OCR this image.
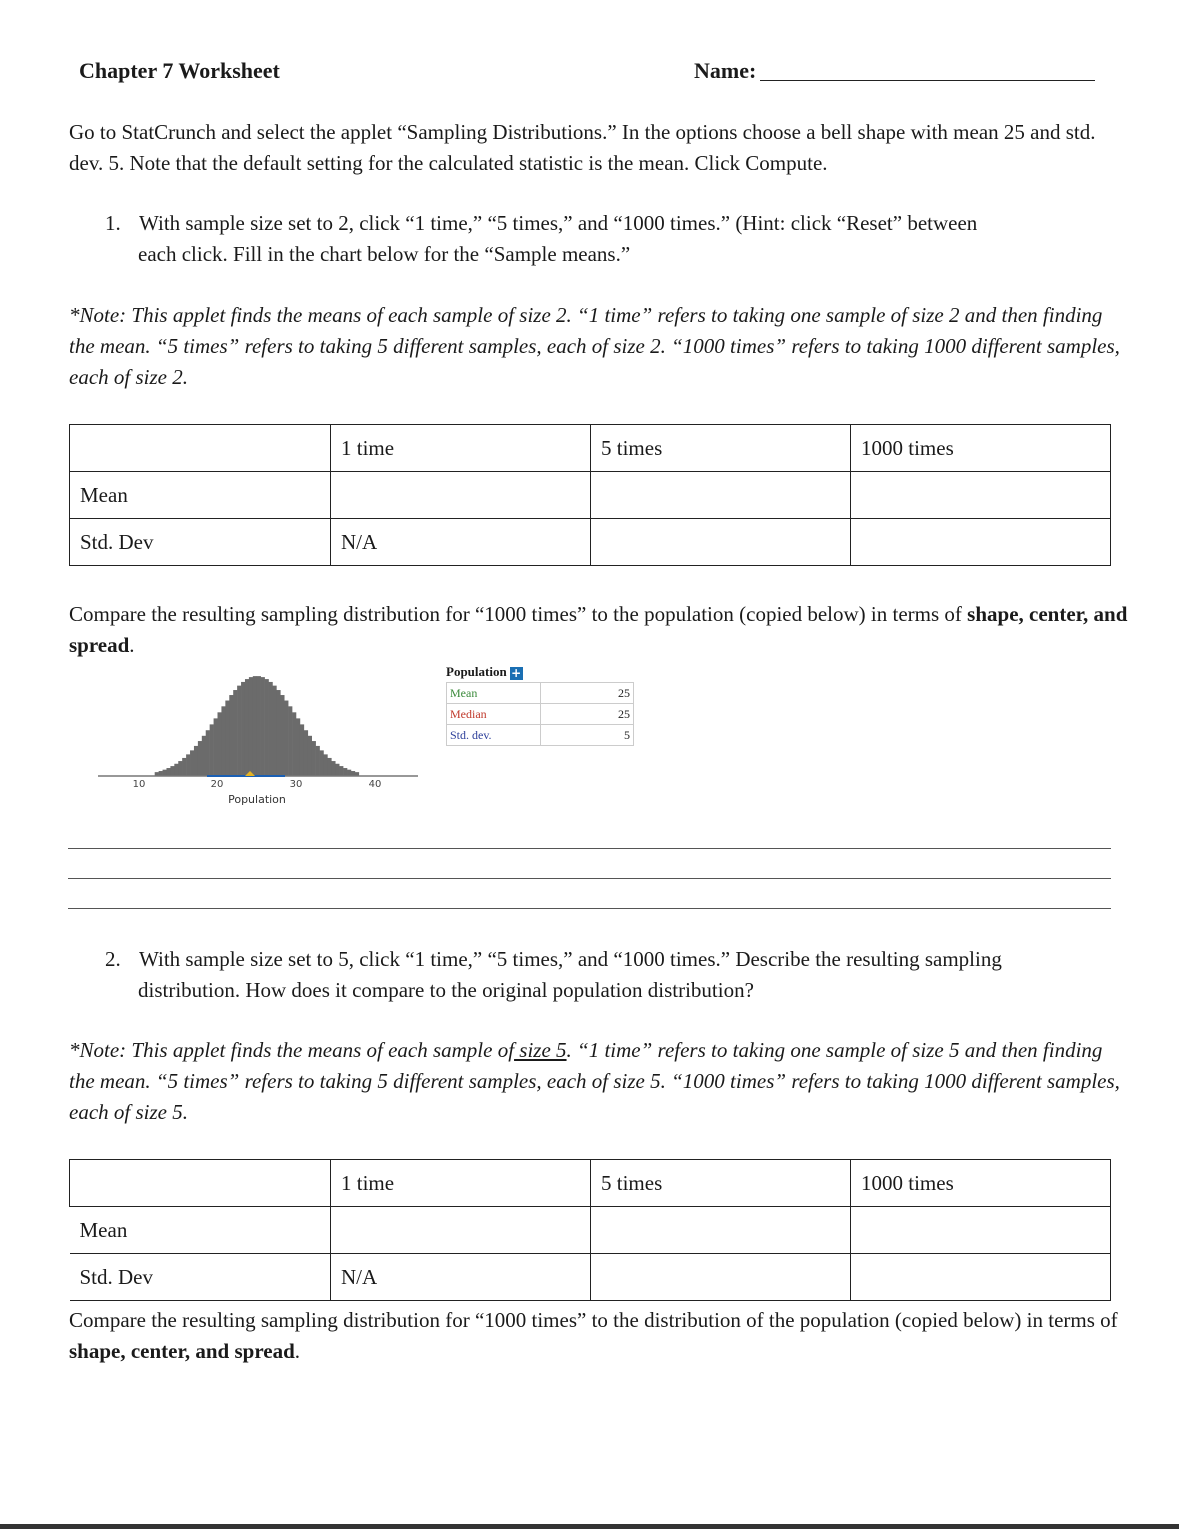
Chapter 7 Worksheet	Name:

Go to StatCrunch and select the applet “Sampling Distributions.” In the options choose a bell shape with mean 25 and std. dev. 5. Note that the default setting for the calculated statistic is the mean. Click Compute.

1. With sample size set to 2, click “1 time,” “5 times,” and “1000 times.” (Hint: click “Reset” between

each click. Fill in the chart below for the “Sample means.”

*Note: This applet finds the means of each sample of size 2. “1 time” refers to taking one sample of size 2 and then finding the mean. “5 times” refers to taking 5 different samples, each of size 2. “1000 times” refers to taking 1000 different samples, each of size 2.

	1 time	5 times	1000 times
Mean			
Std. Dev	N/A		

Compare the resulting sampling distribution for “1000 times” to the population (copied below) in terms of shape, center, and spread.

10	20	30	40
Population
Population +
Mean	25
Median	25
Std. dev.	5

2. With sample size set to 5, click “1 time,” “5 times,” and “1000 times.” Describe the resulting sampling

distribution. How does it compare to the original population distribution?

*Note: This applet finds the means of each sample of size 5. “1 time” refers to taking one sample of size 5 and then finding the mean. “5 times” refers to taking 5 different samples, each of size 5. “1000 times” refers to taking 1000 different samples, each of size 5.

	1 time	5 times	1000 times
Mean			
Std. Dev	N/A		

Compare the resulting sampling distribution for “1000 times” to the distribution of the population (copied below) in terms of shape, center, and spread.
